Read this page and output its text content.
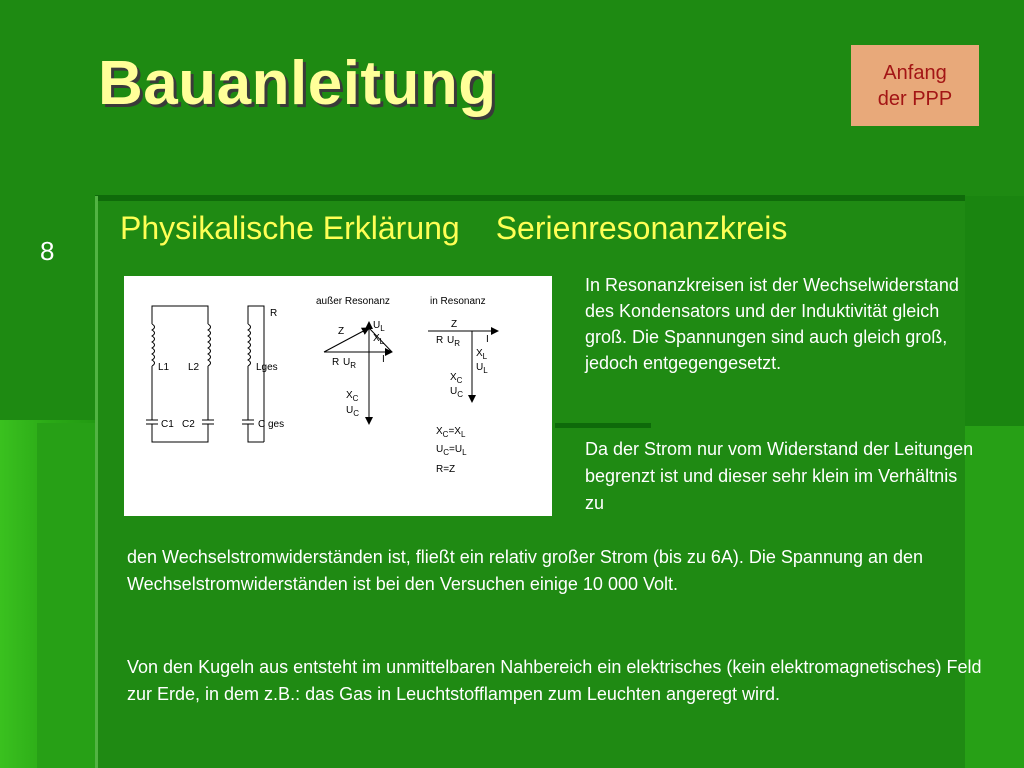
Bauanleitung	Anfang
der PPP
8
Physikalische Erklärung Serienresonanzkreis
L1 L2
C1 C2
R
Lges
C ges
außer Resonanz
Z
$U_L$
$X_L$
R $U_R$
I
$X_C$
$U_C$
in Resonanz
Z
R $U_R$	I
$X_L$
$U_L$
$X_C$
$U_C$
$X_C=X_L$
$U_C=U_L$
R=Z
In Resonanzkreisen ist der Wechselwiderstand des Kondensators und der Induktivität gleich groß. Die Spannungen sind auch gleich groß, jedoch entgegengesetzt.
Da der Strom nur vom Widerstand der Leitungen begrenzt ist und dieser sehr klein im Verhältnis zu
den Wechselstromwiderständen ist, fließt ein relativ großer Strom (bis zu 6A). Die Spannung an den Wechselstromwiderständen ist bei den Versuchen einige 10 000 Volt.
Von den Kugeln aus entsteht im unmittelbaren Nahbereich ein elektrisches (kein elektromagnetisches) Feld zur Erde, in dem z.B.: das Gas in Leuchtstofflampen zum Leuchten angeregt wird.
